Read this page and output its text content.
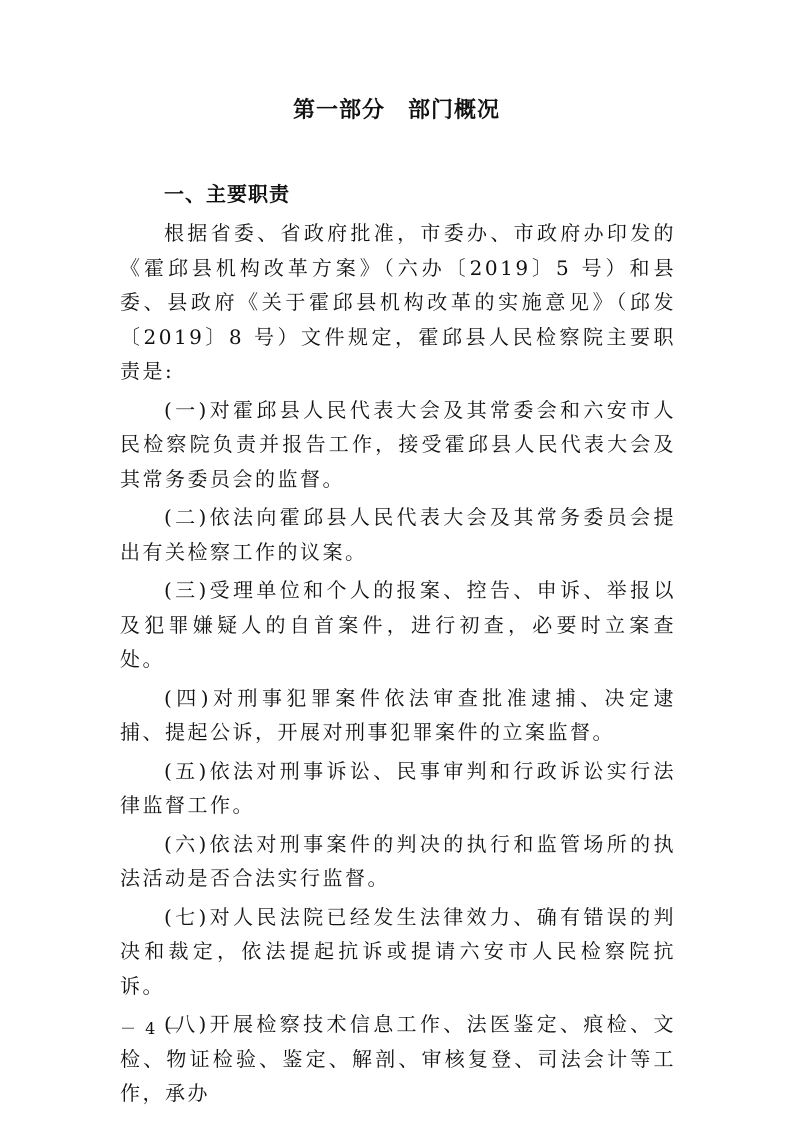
第一部分　部门概况
一、主要职责

根据省委、省政府批准，市委办、市政府办印发的《霍邱县机构改革方案》（六办〔2019〕5 号）和县委、县政府《关于霍邱县机构改革的实施意见》（邱发〔2019〕8 号）文件规定，霍邱县人民检察院主要职责是:

(一)对霍邱县人民代表大会及其常委会和六安市人民检察院负责并报告工作，接受霍邱县人民代表大会及其常务委员会的监督。

(二)依法向霍邱县人民代表大会及其常务委员会提出有关检察工作的议案。

(三)受理单位和个人的报案、控告、申诉、举报以及犯罪嫌疑人的自首案件，进行初查，必要时立案查处。

(四)对刑事犯罪案件依法审查批准逮捕、决定逮捕、提起公诉，开展对刑事犯罪案件的立案监督。

(五)依法对刑事诉讼、民事审判和行政诉讼实行法律监督工作。

(六)依法对刑事案件的判决的执行和监管场所的执法活动是否合法实行监督。

(七)对人民法院已经发生法律效力、确有错误的判决和裁定，依法提起抗诉或提请六安市人民检察院抗诉。

(八)开展检察技术信息工作、法医鉴定、痕检、文检、物证检验、鉴定、解剖、审核复登、司法会计等工作，承办

－ 4 －
